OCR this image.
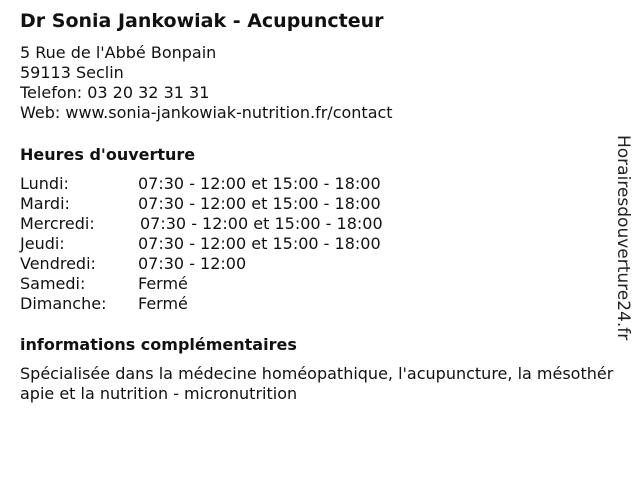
Dr Sonia Jankowiak - Acupuncteur
5 Rue de l'Abbé Bonpain
59113 Seclin
Telefon: 03 20 32 31 31
Web: www.sonia-jankowiak-nutrition.fr/contact
Heures d'ouverture
Lundi:	07:30 - 12:00 et 15:00 - 18:00
Mardi:	07:30 - 12:00 et 15:00 - 18:00
Mercredi:	07:30 - 12:00 et 15:00 - 18:00
Jeudi:	07:30 - 12:00 et 15:00 - 18:00
Vendredi:	07:30 - 12:00
Samedi:	Fermé
Dimanche: Fermé
informations complémentaires
Spécialisée dans la médecine homéopathique, l'acupuncture, la mésothérapie et la nutrition - micronutrition
Horairesdouverture24.fr
